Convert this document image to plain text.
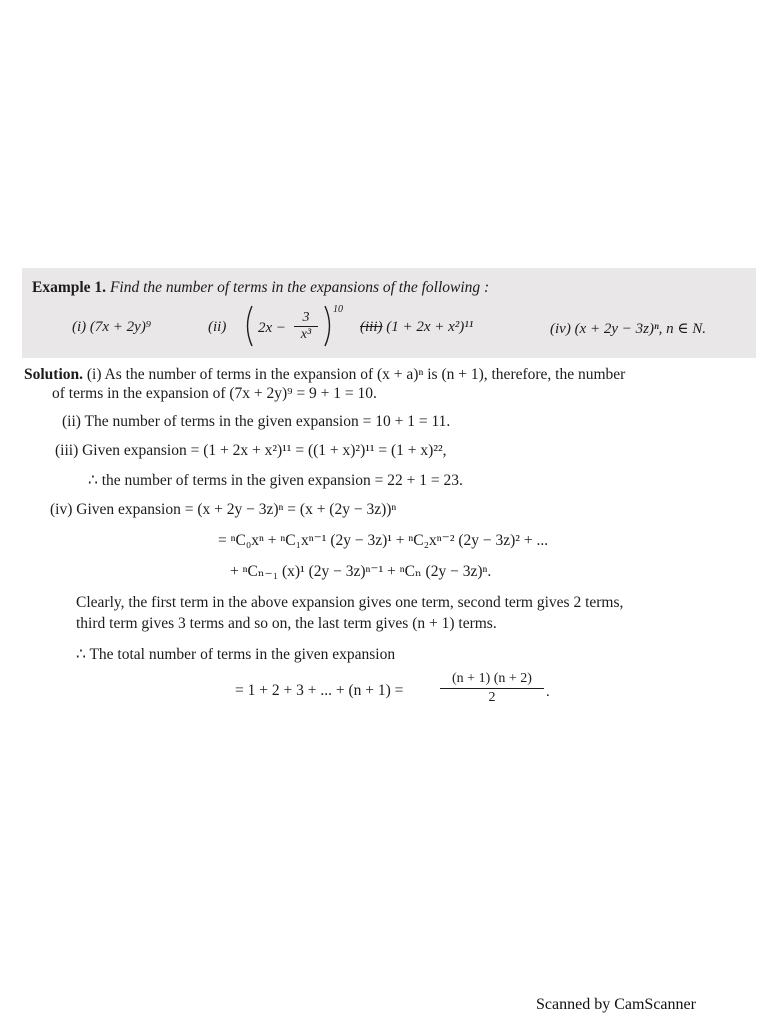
Example 1. Find the number of terms in the expansions of the following :
(i) (7x + 2y)⁹	(ii) $2x - \frac{3}{\text{x³}}$
10
(iii) (1 + 2x + x²)¹¹	(iv) (x + 2y − 3z)ⁿ, n ∈ N.
Solution. (i) As the number of terms in the expansion of (x + a)ⁿ is (n + 1), therefore, the number
of terms in the expansion of (7x + 2y)⁹ = 9 + 1 = 10.
(ii) The number of terms in the given expansion = 10 + 1 = 11.
(iii) Given expansion = (1 + 2x + x²)¹¹ = ((1 + x)²)¹¹ = (1 + x)²²,
∴ the number of terms in the given expansion = 22 + 1 = 23.
(iv) Given expansion = (x + 2y − 3z)ⁿ = (x + (2y − 3z))ⁿ
= ⁿC₀xⁿ + ⁿC₁xⁿ⁻¹ (2y − 3z)¹ + ⁿC₂xⁿ⁻² (2y − 3z)² + ...
+ ⁿCₙ₋₁ (x)¹ (2y − 3z)ⁿ⁻¹ + ⁿCₙ (2y − 3z)ⁿ.
Clearly, the first term in the above expansion gives one term, second term gives 2 terms,
third term gives 3 terms and so on, the last term gives (n + 1) terms.
∴ The total number of terms in the given expansion
= 1 + 2 + 3 + ... + (n + 1) =	$\frac{(n + 1) (n + 2)}{2}$ .
Scanned by CamScanner
